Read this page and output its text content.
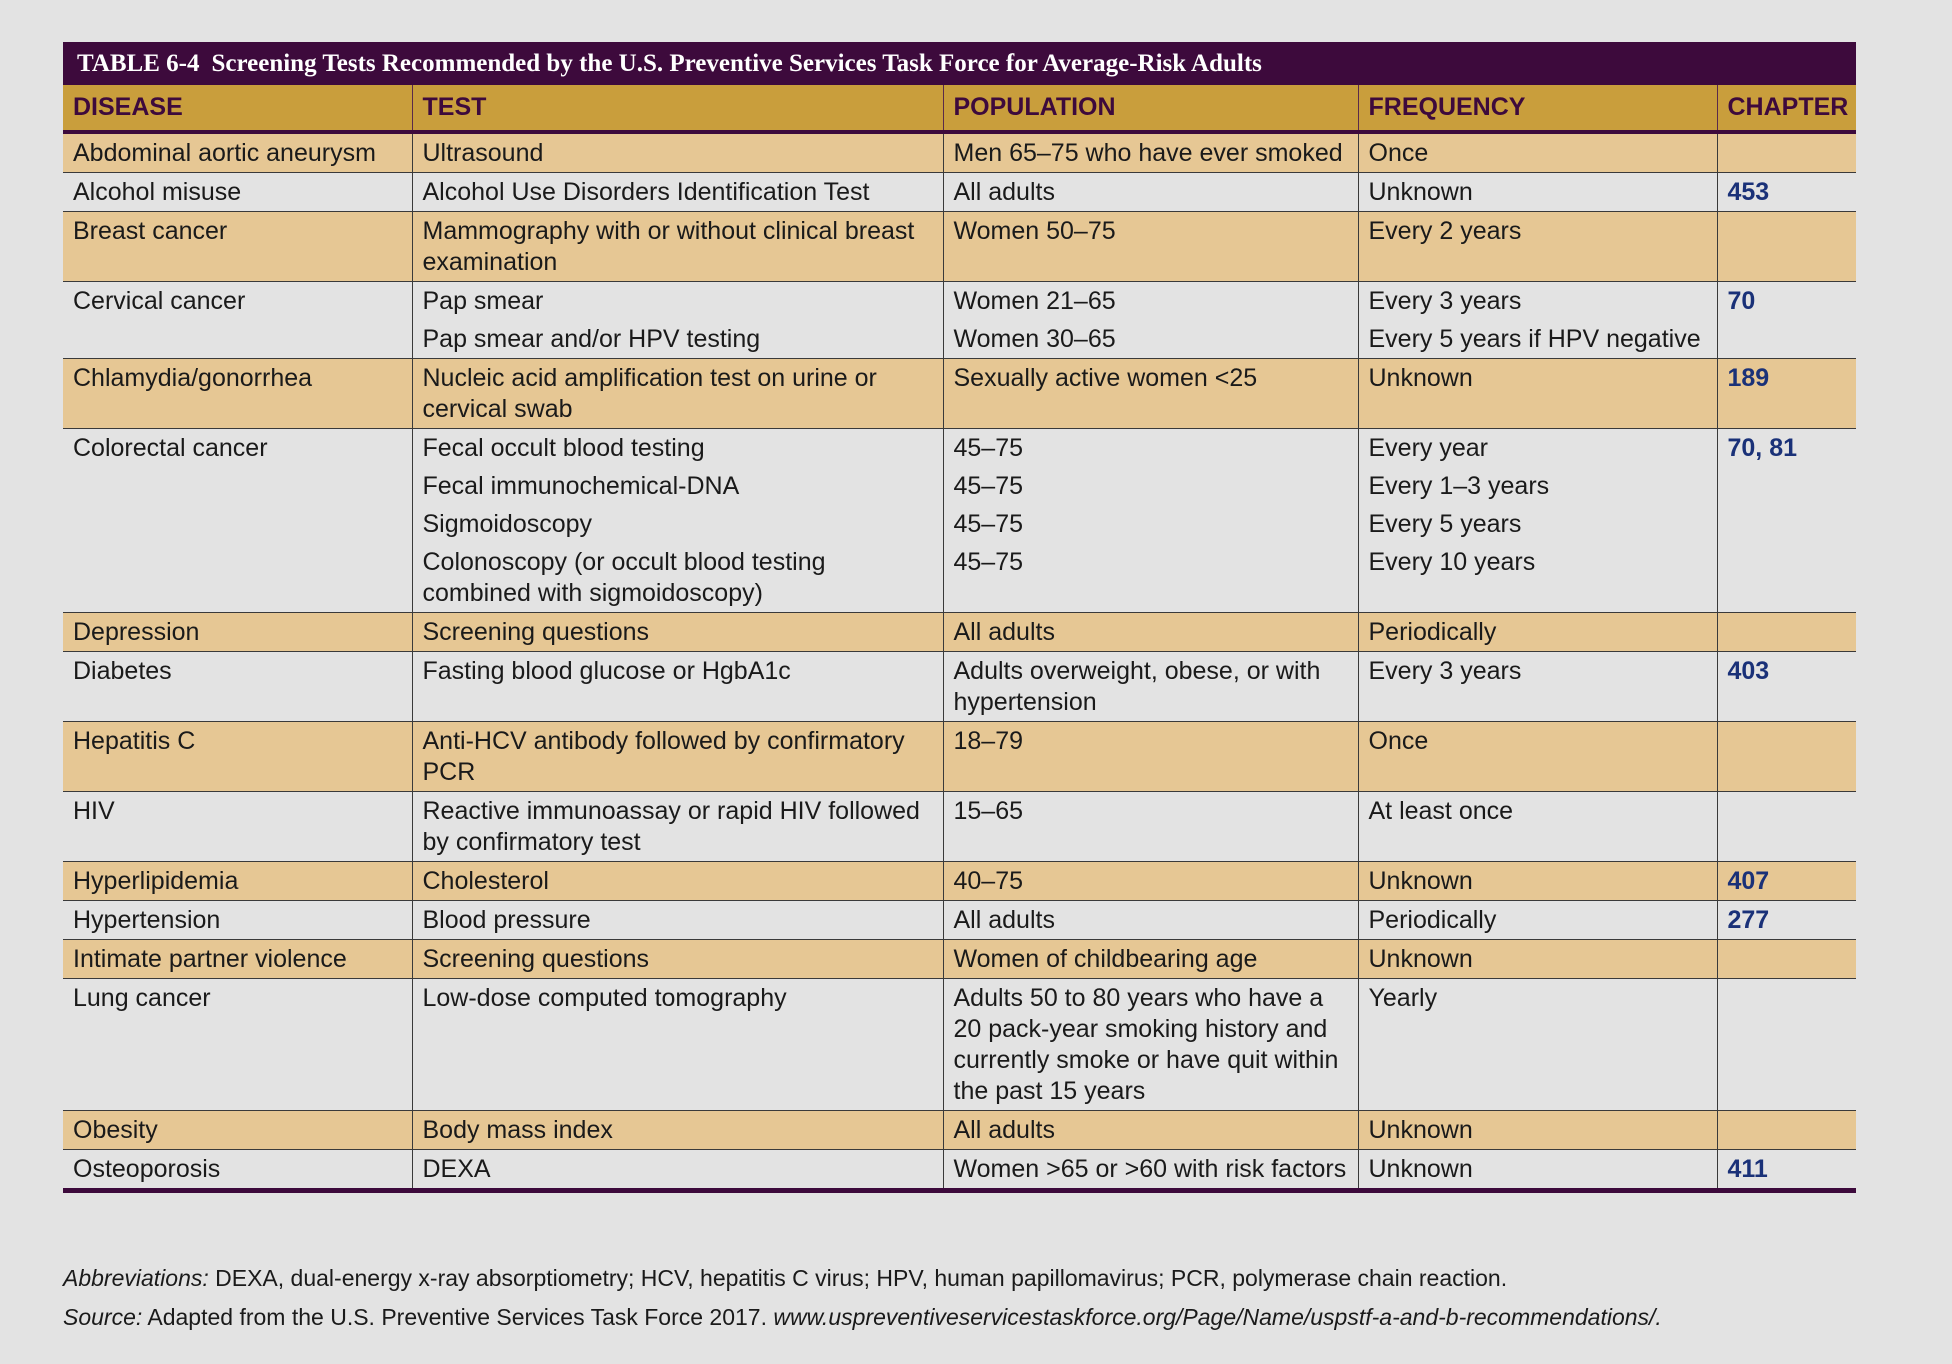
TABLE 6-4 Screening Tests Recommended by the U.S. Preventive Services Task Force for Average-Risk Adults
DISEASE	TEST	POPULATION	FREQUENCY	CHAPTER
Abdominal aortic aneurysm	Ultrasound	Men 65–75 who have ever smoked	Once	
Alcohol misuse	Alcohol Use Disorders Identification Test	All adults	Unknown	453
Breast cancer	Mammography with or without clinical breast examination	Women 50–75	Every 2 years	
Cervical cancer	Pap smear	Women 21–65	Every 3 years	70
	Pap smear and/or HPV testing	Women 30–65	Every 5 years if HPV negative	
Chlamydia/gonorrhea	Nucleic acid amplification test on urine or cervical swab	Sexually active women <25	Unknown	189
Colorectal cancer	Fecal occult blood testing	45–75	Every year	70, 81
	Fecal immunochemical-DNA	45–75	Every 1–3 years	
	Sigmoidoscopy	45–75	Every 5 years	
	Colonoscopy (or occult blood testing combined with sigmoidoscopy)	45–75	Every 10 years	
Depression	Screening questions	All adults	Periodically	
Diabetes	Fasting blood glucose or HgbA1c	Adults overweight, obese, or with hypertension	Every 3 years	403
Hepatitis C	Anti-HCV antibody followed by confirmatory PCR	18–79	Once	
HIV	Reactive immunoassay or rapid HIV followed by confirmatory test	15–65	At least once	
Hyperlipidemia	Cholesterol	40–75	Unknown	407
Hypertension	Blood pressure	All adults	Periodically	277
Intimate partner violence	Screening questions	Women of childbearing age	Unknown	
Lung cancer	Low-dose computed tomography	Adults 50 to 80 years who have a 20 pack-year smoking history and currently smoke or have quit within the past 15 years	Yearly	
Obesity	Body mass index	All adults	Unknown	
Osteoporosis	DEXA	Women >65 or >60 with risk factors	Unknown	411
Abbreviations: DEXA, dual-energy x-ray absorptiometry; HCV, hepatitis C virus; HPV, human papillomavirus; PCR, polymerase chain reaction.
Source: Adapted from the U.S. Preventive Services Task Force 2017. www.uspreventiveservicestaskforce.org/Page/Name/uspstf-a-and-b-recommendations/.
